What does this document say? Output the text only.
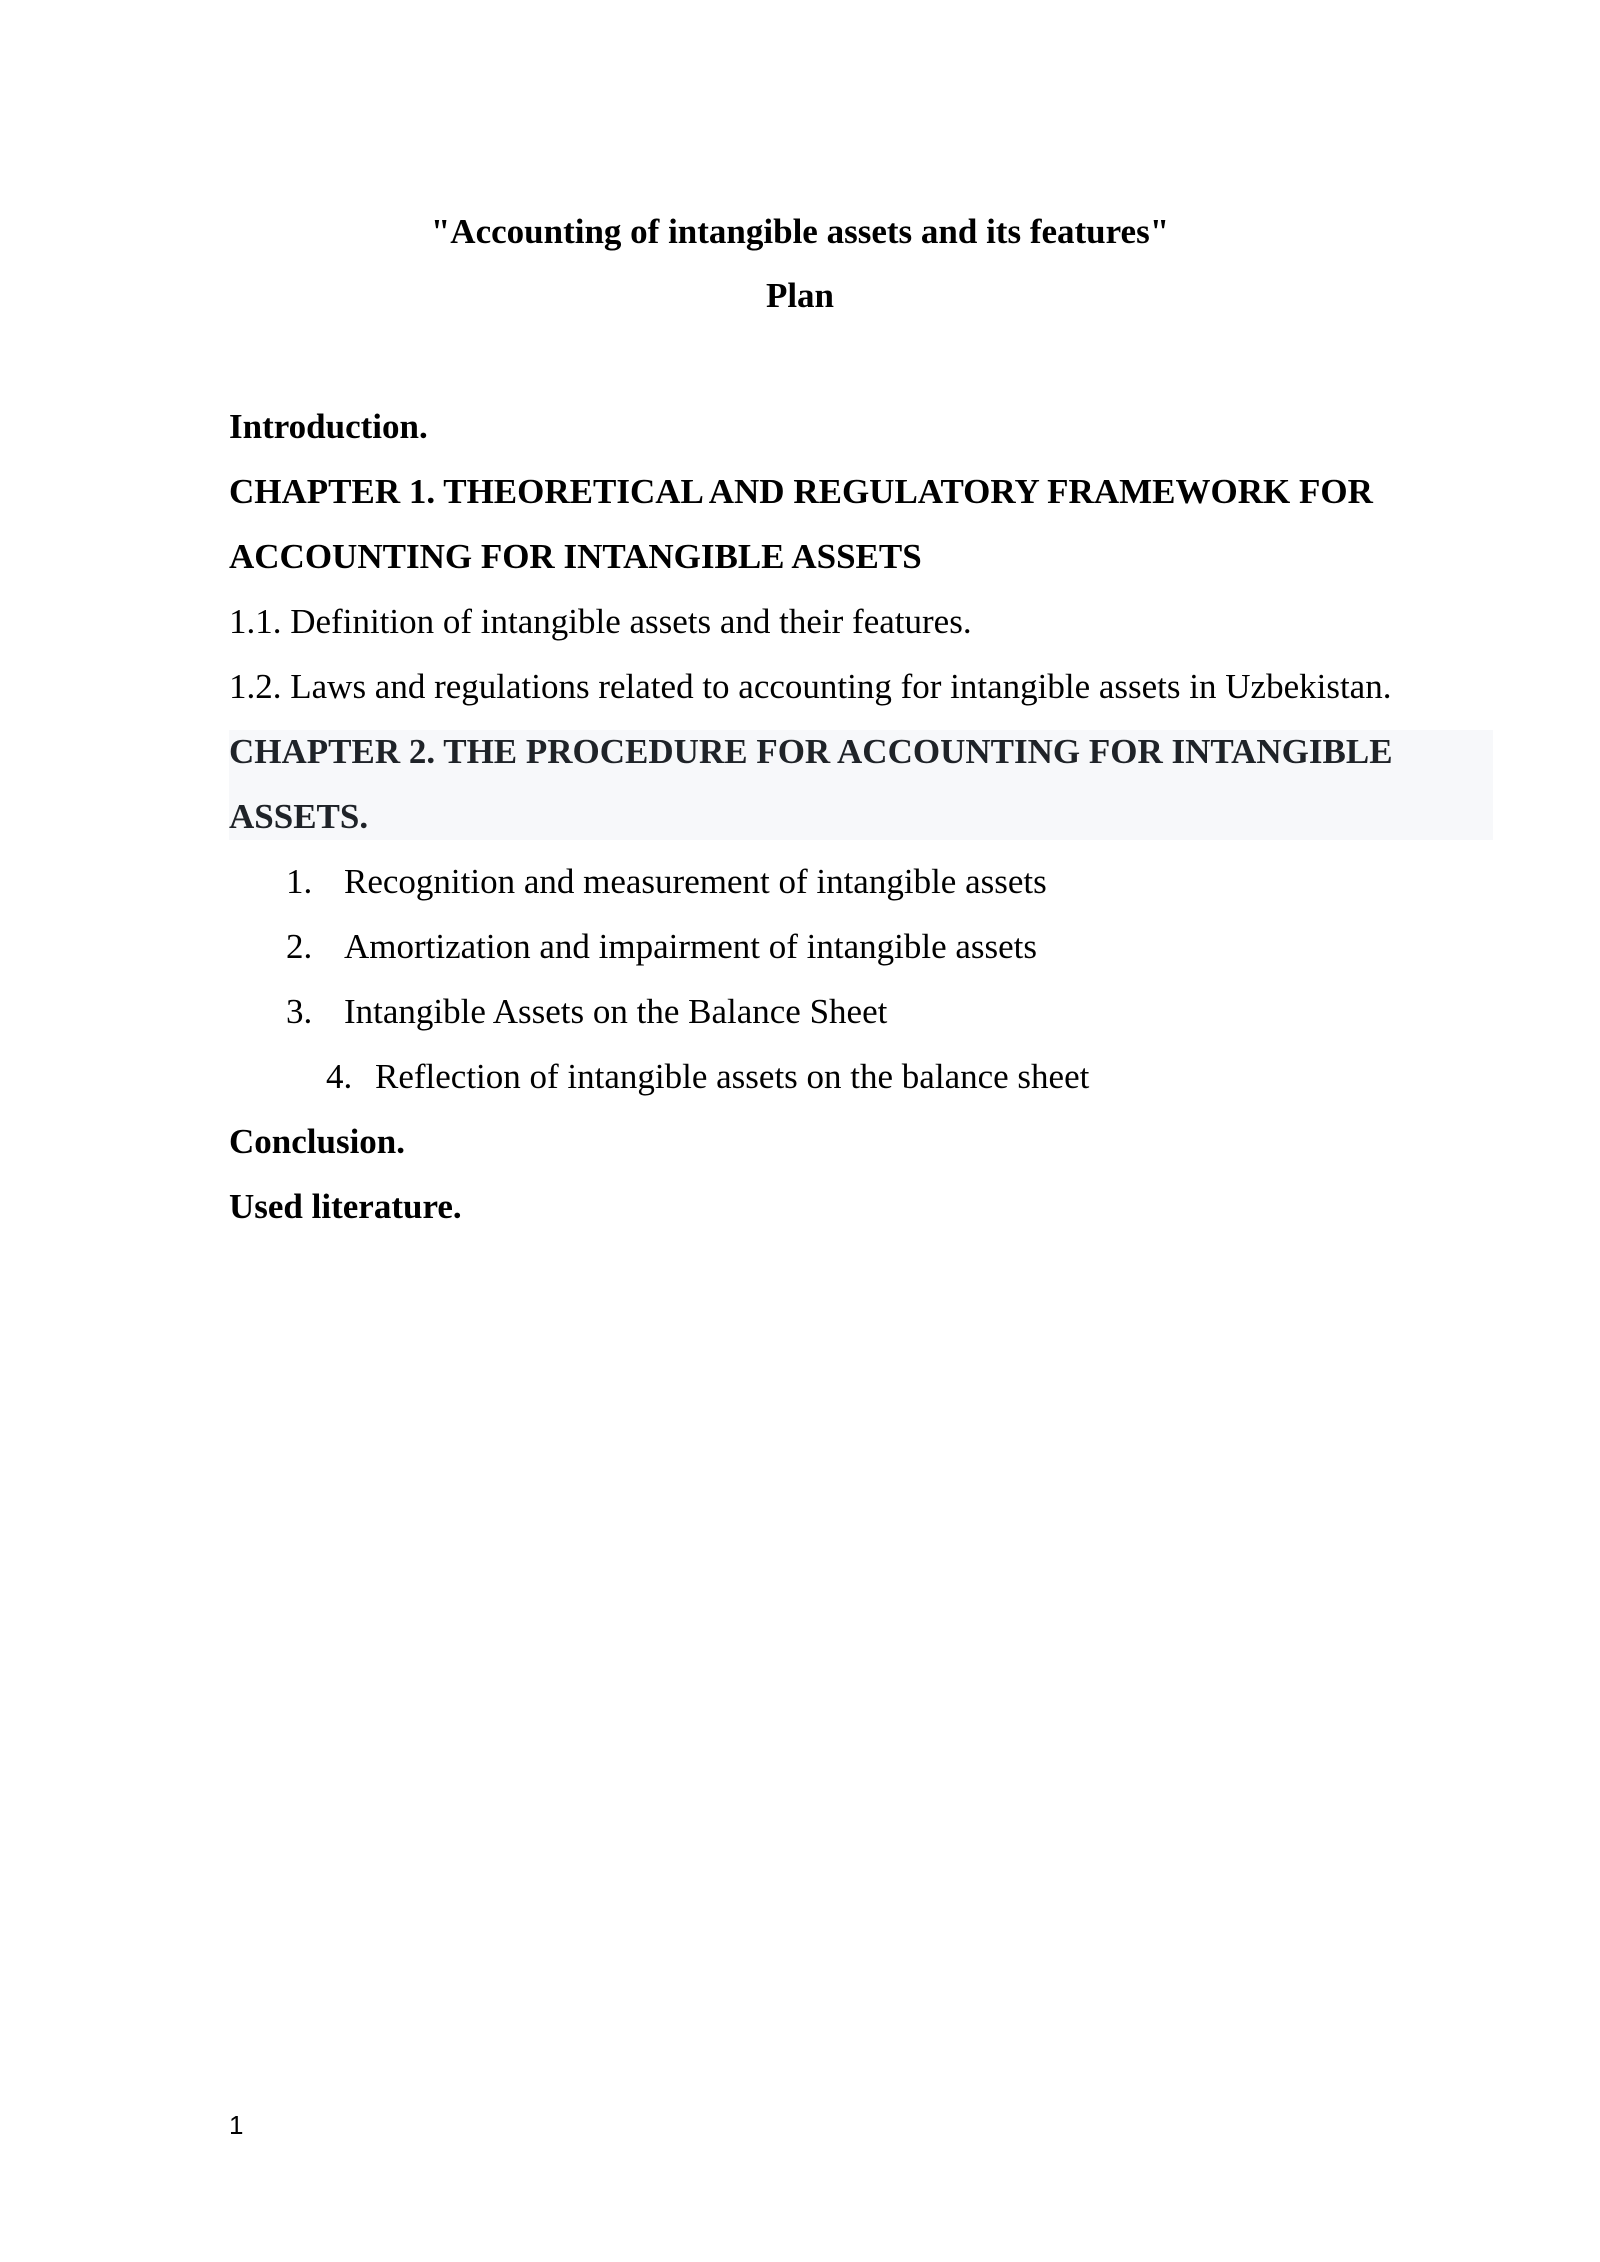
"Accounting of intangible assets and its features"
Plan
Introduction.
CHAPTER 1. THEORETICAL AND REGULATORY FRAMEWORK FOR
ACCOUNTING FOR INTANGIBLE ASSETS
1.1. Definition of intangible assets and their features.
1.2. Laws and regulations related to accounting for intangible assets in Uzbekistan.
CHAPTER 2. THE PROCEDURE FOR ACCOUNTING FOR INTANGIBLE
ASSETS.
1. Recognition and measurement of intangible assets
2. Amortization and impairment of intangible assets
3. Intangible Assets on the Balance Sheet
4. Reflection of intangible assets on the balance sheet
Conclusion.
Used literature.
1
